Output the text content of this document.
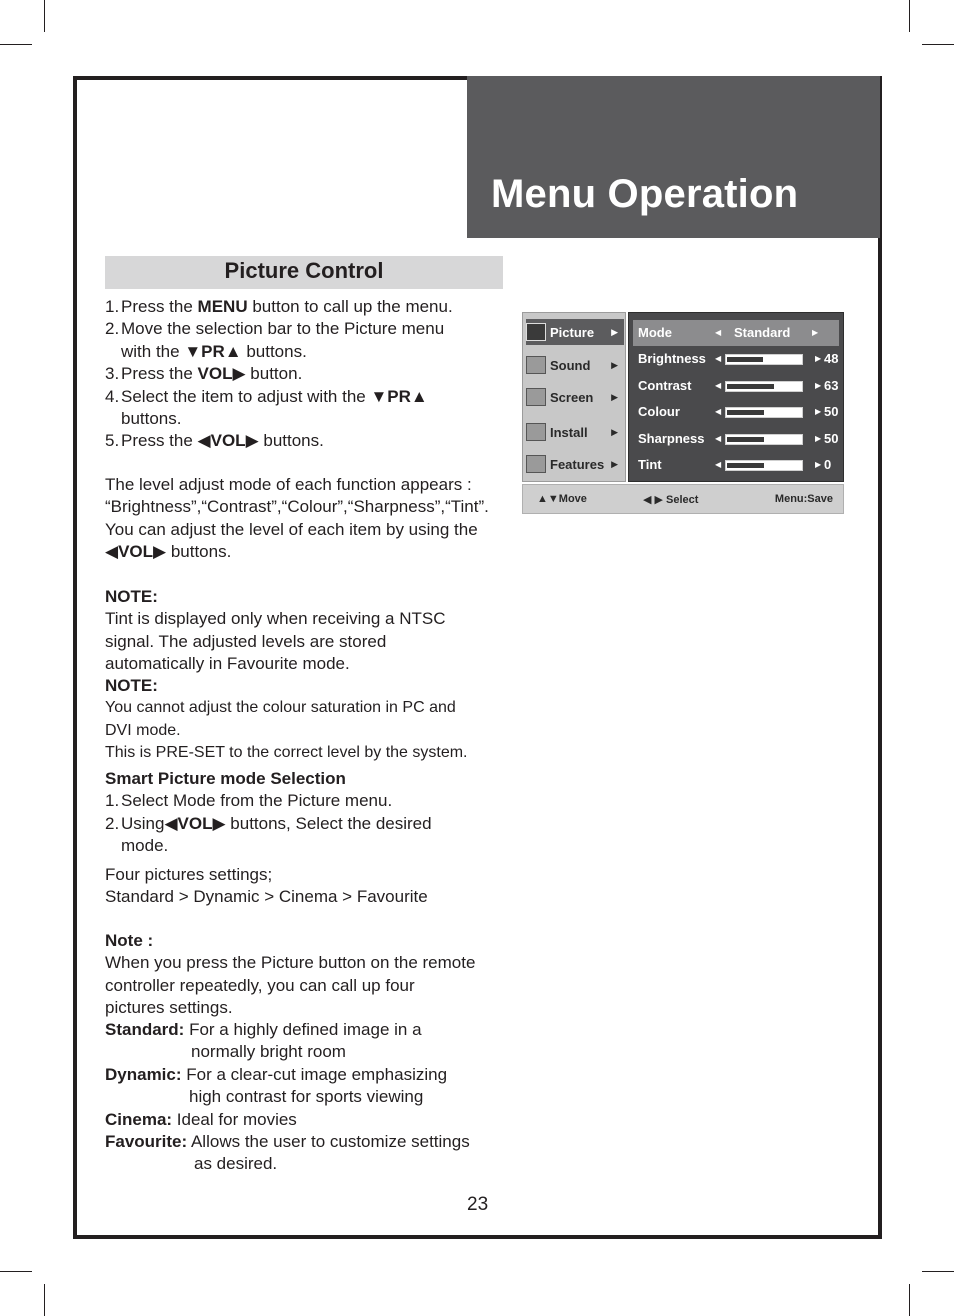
Menu Operation
Picture Control
1. Press the MENU button to call up the menu.
2. Move the selection bar to the Picture menu
with the ▼PR▲ buttons.
3. Press the VOL▶ button.
4. Select the item to adjust with the ▼PR▲
buttons.
5. Press the ◀VOL▶ buttons.
The level adjust mode of each function appears :
“Brightness”,“Contrast”,“Colour”,“Sharpness”,“Tint”.
You can adjust the level of each item by using the
◀VOL▶ buttons.
NOTE:
Tint is displayed only when receiving a NTSC
signal. The adjusted levels are stored
automatically in Favourite mode.
NOTE:
You cannot adjust the colour saturation in PC and
DVI mode.
This is PRE-SET to the correct level by the system.
Smart Picture mode Selection
1. Select Mode from the Picture menu.
2. Using◀VOL▶ buttons, Select the desired
mode.
Four pictures settings;
Standard > Dynamic > Cinema > Favourite
Note :
When you press the Picture button on the remote
controller repeatedly, you can call up four
pictures settings.
Standard: For a highly defined image in a
normally bright room
Dynamic: For a clear-cut image emphasizing
high contrast for sports viewing
Cinema: Ideal for movies
Favourite: Allows the user to customize settings
as desired.
23
Picture ▶
Sound ▶
Screen ▶
Install	▶
Features ▶
Mode	◀ Standard	▶
Brightness ◀	▶ 48
Contrast	◀	▶ 63
Colour	◀	▶ 50
Sharpness ◀	▶ 50
Tint	◀	▶ 0
▲▼Move	◀ ▶ Select	Menu:Save
